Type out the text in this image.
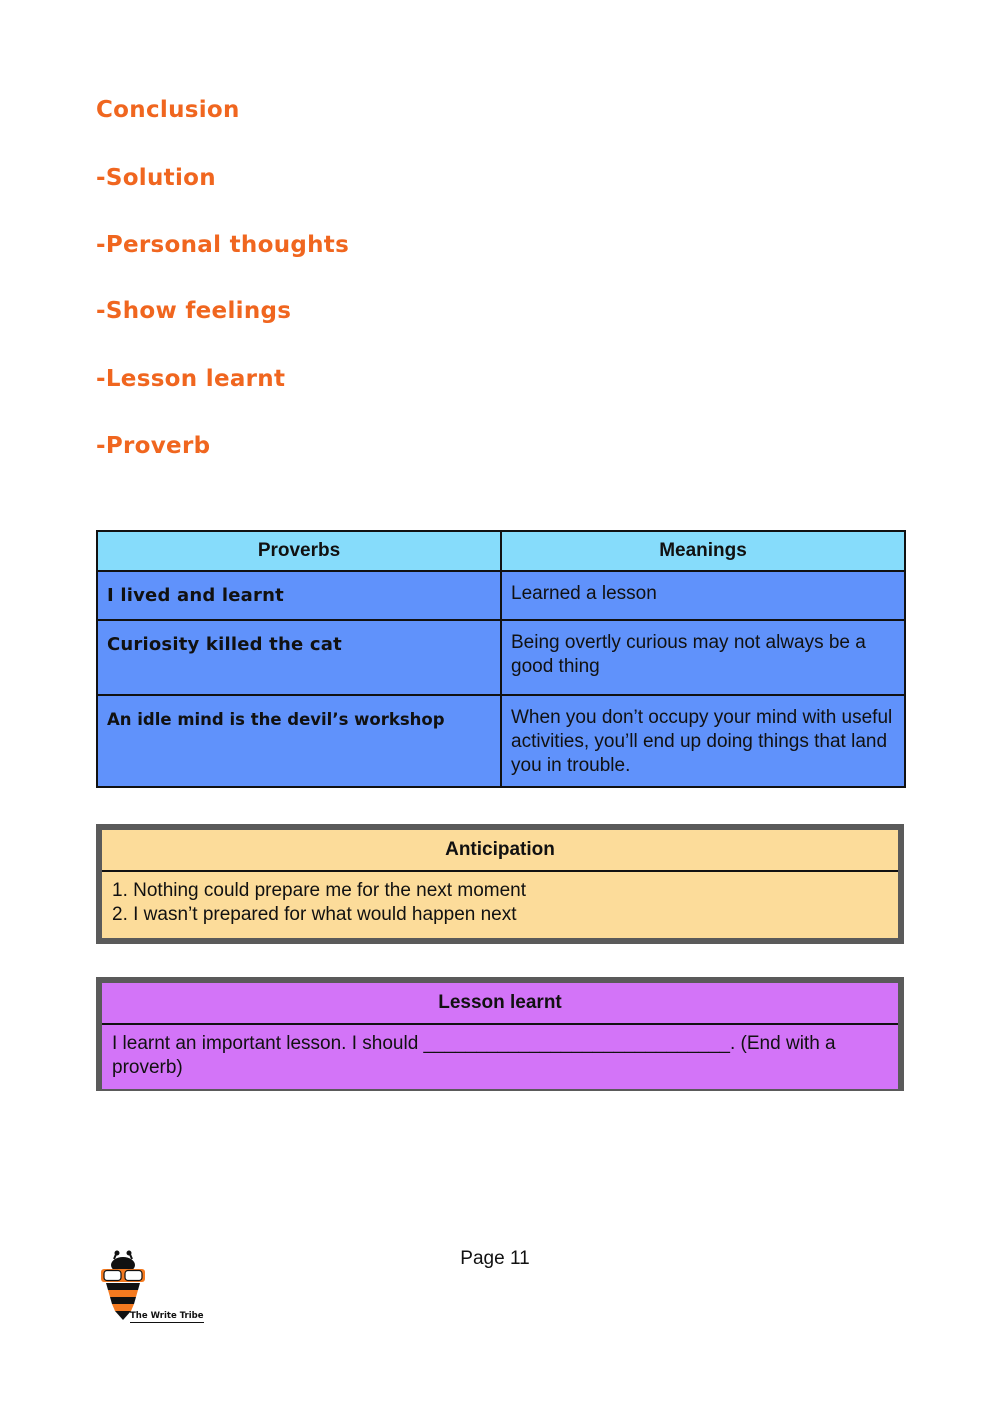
Conclusion
-Solution
-Personal thoughts
-Show feelings
-Lesson learnt
-Proverb
Proverbs	Meanings
I lived and learnt	Learned a lesson
Curiosity killed the cat	Being overtly curious may not always be a good thing
An idle mind is the devil’s workshop	When you don’t occupy your mind with useful activities, you’ll end up doing things that land you in trouble.
Anticipation
1. Nothing could prepare me for the next moment
2. I wasn’t prepared for what would happen next
Lesson learnt
I learnt an important lesson. I should _____________________________. (End with a proverb)
Page 11
The Write Tribe
